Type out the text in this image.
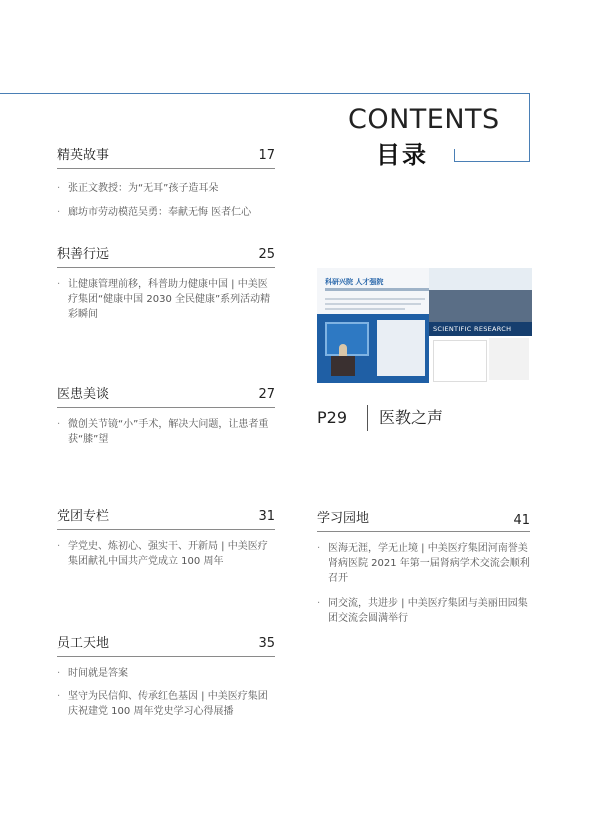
CONTENTS
目录
精英故事	17
· 张正文教授：为“无耳”孩子造耳朵
· 廊坊市劳动模范吴勇：奉献无悔 医者仁心
积善行远	25
· 让健康管理前移，科普助力健康中国 | 中美医疗集团“健康中国 2030 全民健康”系列活动精彩瞬间
医患美谈	27
· 微创关节镜“小”手术，解决大问题，让患者重获“膝”望
党团专栏	31
· 学党史、炼初心、强实干、开新局 | 中美医疗集团献礼中国共产党成立 100 周年
员工天地	35
· 时间就是答案
· 坚守为民信仰、传承红色基因 | 中美医疗集团庆祝建党 100 周年党史学习心得展播
学习园地	41
· 医海无涯，学无止境 | 中美医疗集团河南誉美肾病医院 2021 年第一届肾病学术交流会顺利召开
· 同交流，共进步 | 中美医疗集团与美丽田园集团交流会圆满举行
科研兴院 人才强院
SCIENTIFIC RESEARCH
P29 医教之声
